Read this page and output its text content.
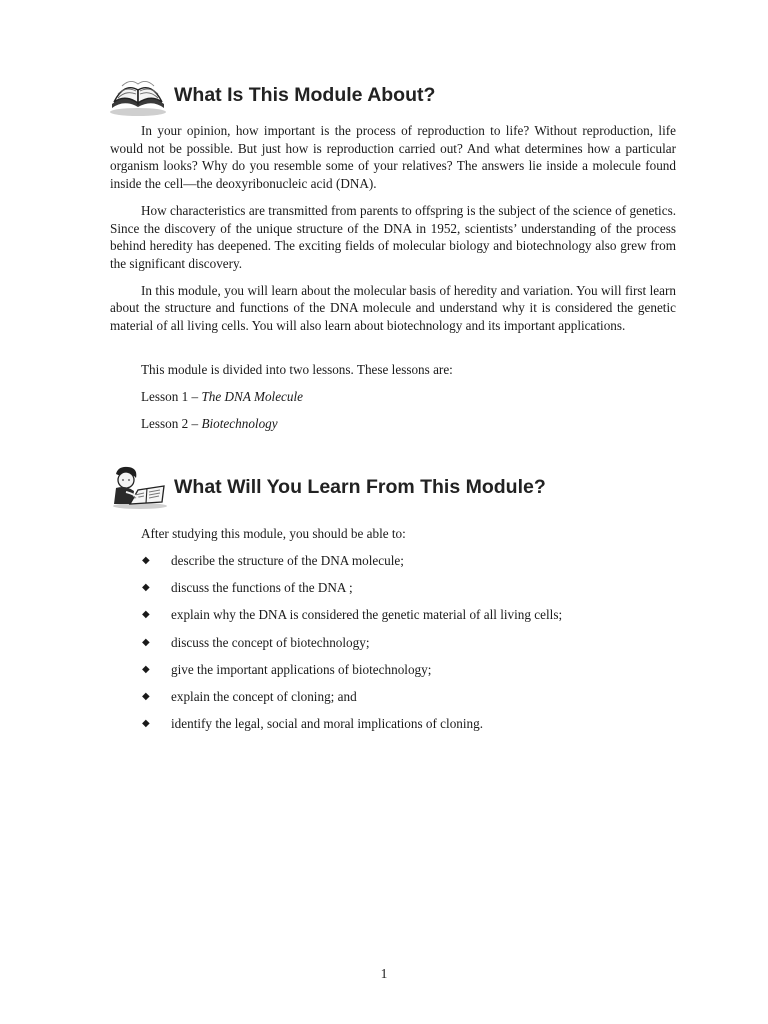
What Is This Module About?

In your opinion, how important is the process of reproduction to life? Without reproduction, life would not be possible. But just how is reproduction carried out? And what determines how a particular organism looks? Why do you resemble some of your relatives? The answers lie inside a molecule found inside the cell—the deoxyribonucleic acid (DNA).

How characteristics are transmitted from parents to offspring is the subject of the science of genetics. Since the discovery of the unique structure of the DNA in 1952, scientists’ understanding of the process behind heredity has deepened. The exciting fields of molecular biology and biotechnology also grew from the significant discovery.

In this module, you will learn about the molecular basis of heredity and variation. You will first learn about the structure and functions of the DNA molecule and understand why it is considered the genetic material of all living cells. You will also learn about biotechnology and its important applications.

This module is divided into two lessons. These lessons are:
Lesson 1 – The DNA Molecule
Lesson 2 – Biotechnology
What Will You Learn From This Module?
After studying this module, you should be able to:
◆ describe the structure of the DNA molecule;
◆ discuss the functions of the DNA ;
◆ explain why the DNA is considered the genetic material of all living cells;
◆ discuss the concept of biotechnology;
◆ give the important applications of biotechnology;
◆ explain the concept of cloning; and
◆ identify the legal, social and moral implications of cloning.
1
